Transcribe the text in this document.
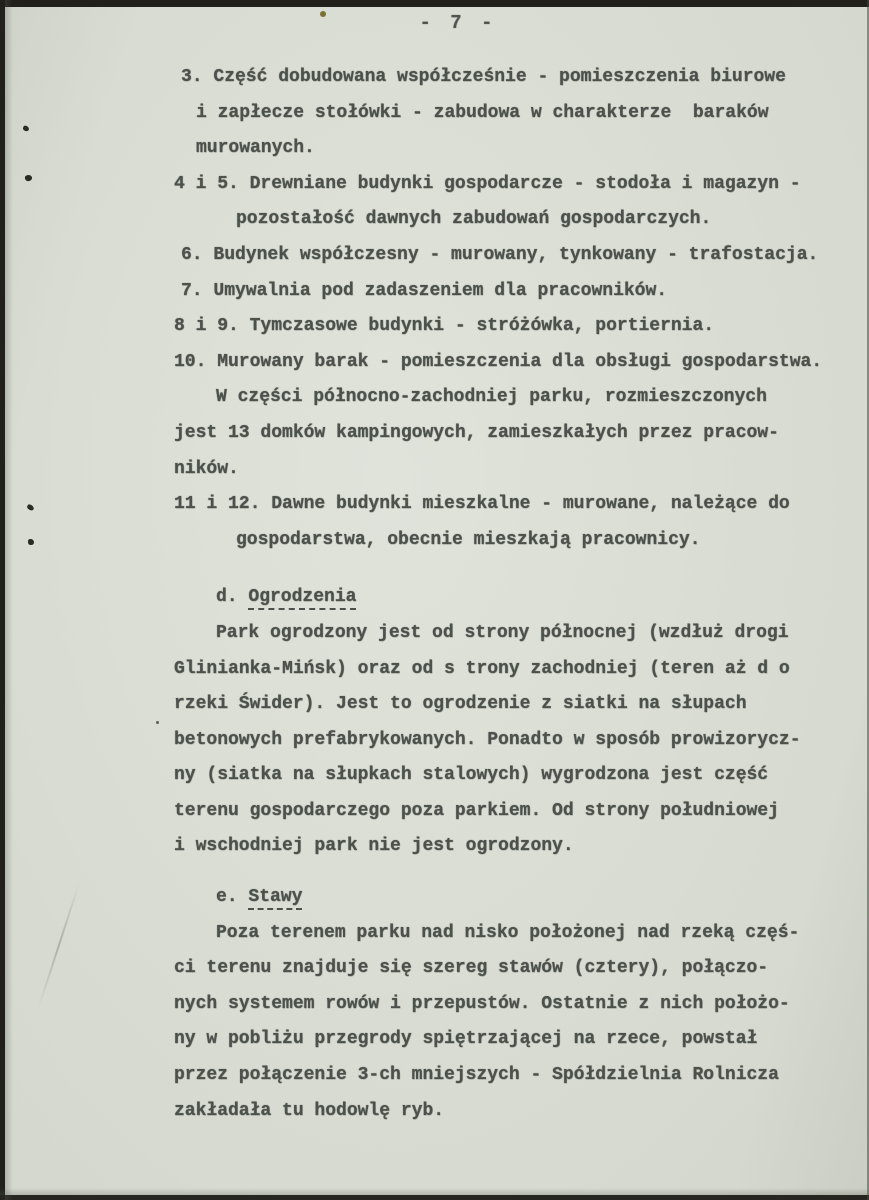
- 7 -
3. Część dobudowana współcześnie - pomieszczenia biurowe
i zapłecze stołówki - zabudowa w charakterze  baraków
murowanych.
4 i 5. Drewniane budynki gospodarcze - stodoła i magazyn -
pozostałość dawnych zabudowań gospodarczych.
6. Budynek współczesny - murowany, tynkowany - trafostacja.
7. Umywalnia pod zadaszeniem dla pracowników.
8 i 9. Tymczasowe budynki - stróżówka, portiernia.
10. Murowany barak - pomieszczenia dla obsługi gospodarstwa.
W części północno-zachodniej parku, rozmieszczonych
jest 13 domków kampingowych, zamieszkałych przez pracow-
ników.
11 i 12. Dawne budynki mieszkalne - murowane, należące do
gospodarstwa, obecnie mieszkają pracownicy.
d. Ogrodzenia
Park ogrodzony jest od strony północnej (wzdłuż drogi
Glinianka-Mińsk) oraz od s trony zachodniej (teren aż d o
rzeki Świder). Jest to ogrodzenie z siatki na słupach
betonowych prefabrykowanych. Ponadto w sposób prowizorycz-
ny (siatka na słupkach stalowych) wygrodzona jest część
terenu gospodarczego poza parkiem. Od strony południowej
i wschodniej park nie jest ogrodzony.
e. Stawy
Poza terenem parku nad nisko położonej nad rzeką częś-
ci terenu znajduje się szereg stawów (cztery), połączo-
nych systemem rowów i przepustów. Ostatnie z nich położo-
ny w pobliżu przegrody spiętrzającej na rzece, powstał
przez połączenie 3-ch mniejszych - Spółdzielnia Rolnicza
zakładała tu hodowlę ryb.
